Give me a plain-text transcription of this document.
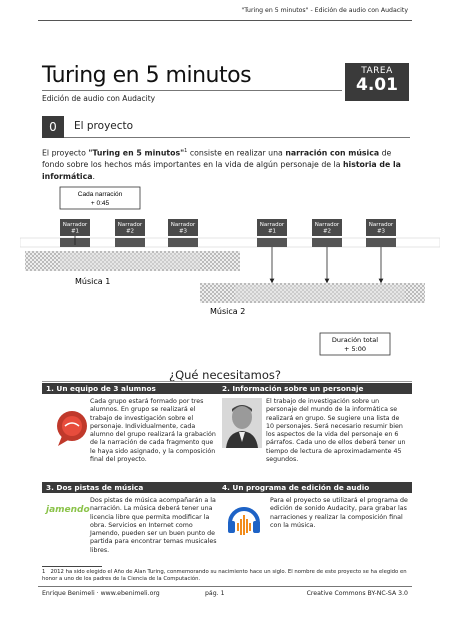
"Turing en 5 minutos" - Edición de audio con Audacity
Turing en 5 minutos
Edición de audio con Audacity
TAREA
4.01
0	El proyecto
El proyecto "Turing en 5 minutos"$^1$ consiste en realizar una narración con música de fondo sobre los hechos más importantes en la vida de algún personaje de la historia de la informática.
Cada narración
+ 0:45
Narrador #1
Narrador #2
Narrador #3
Narrador #1
Narrador #2
Narrador #3
Música 1
Música 2
Duración total
+ 5:00
¿Qué necesitamos?
1. Un equipo de 3 alumnos
Cada grupo estará formado por tres alumnos. En grupo se realizará el trabajo de investigación sobre el personaje. Individualmente, cada alumno del grupo realizará la grabación de la narración de cada fragmento que le haya sido asignado, y la composición final del proyecto.
2. Información sobre un personaje
El trabajo de investigación sobre un personaje del mundo de la informática se realizará en grupo. Se sugiere una lista de 10 personajes. Será necesario resumir bien los aspectos de la vida del personaje en 6 párrafos. Cada uno de ellos deberá tener un tiempo de lectura de aproximadamente 45 segundos.
3. Dos pistas de música
jamendo
Dos pistas de música acompañarán a la narración. La música deberá tener una licencia libre que permita modificar la obra. Servicios en Internet como Jamendo, pueden ser un buen punto de partida para encontrar temas musicales libres.
4. Un programa de edición de audio
Para el proyecto se utilizará el programa de edición de sonido Audacity, para grabar las narraciones y realizar la composición final con la música.
1 2012 ha sido elegido el Año de Alan Turing, conmemorando su nacimiento hace un siglo. El nombre de este proyecto se ha elegido en honor a uno de los padres de la Ciencia de la Computación.
Enrique Benimeli · www.ebenimeli.org	pág. 1	Creative Commons BY-NC-SA 3.0
